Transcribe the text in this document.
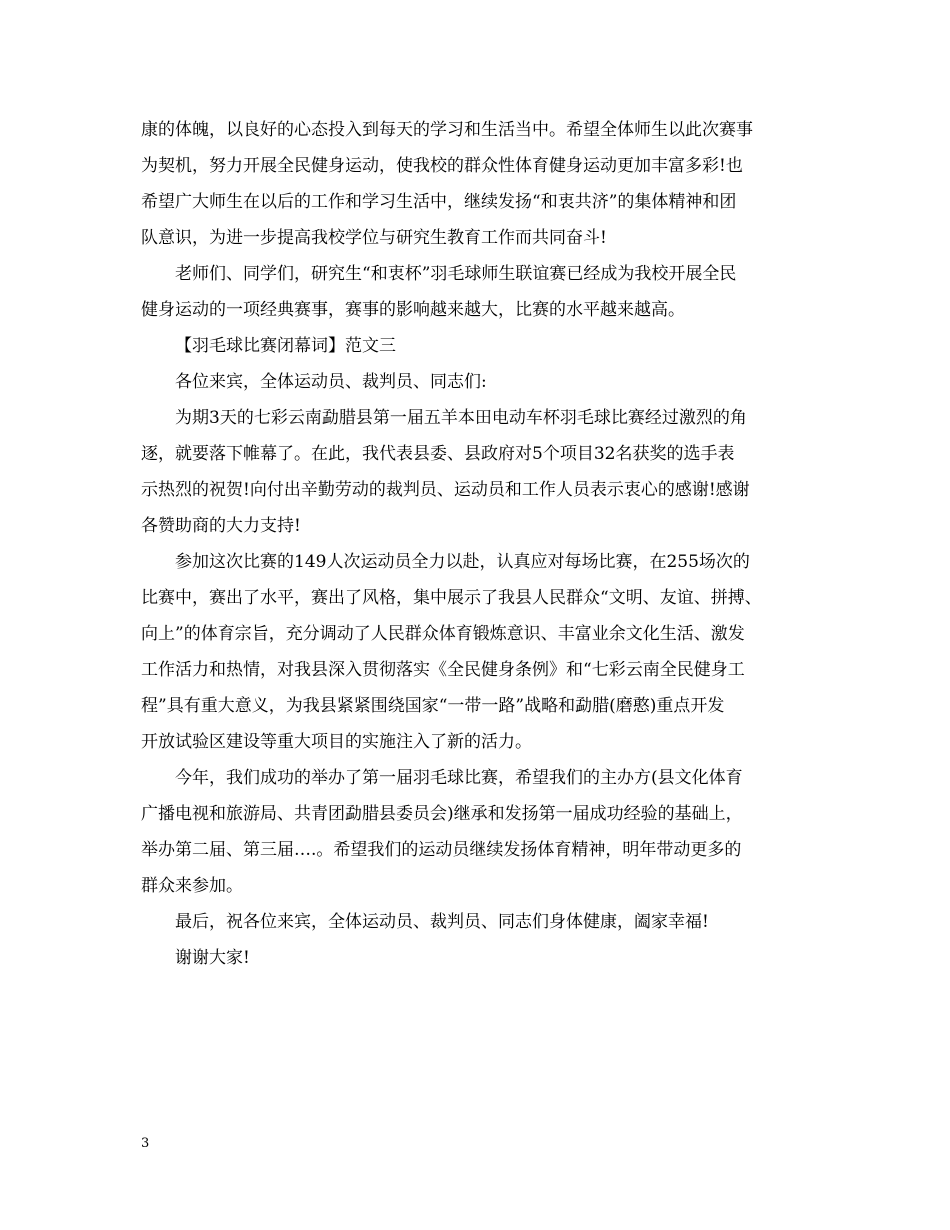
康的体魄，以良好的心态投入到每天的学习和生活当中。希望全体师生以此次赛事
为契机，努力开展全民健身运动，使我校的群众性体育健身运动更加丰富多彩!也
希望广大师生在以后的工作和学习生活中，继续发扬“和衷共济”的集体精神和团
队意识，为进一步提高我校学位与研究生教育工作而共同奋斗!
老师们、同学们，研究生“和衷杯”羽毛球师生联谊赛已经成为我校开展全民
健身运动的一项经典赛事，赛事的影响越来越大，比赛的水平越来越高。
【羽毛球比赛闭幕词】范文三
各位来宾，全体运动员、裁判员、同志们:
为期3天的七彩云南勐腊县第一届五羊本田电动车杯羽毛球比赛经过激烈的角
逐，就要落下帷幕了。在此，我代表县委、县政府对5个项目32名获奖的选手表
示热烈的祝贺!向付出辛勤劳动的裁判员、运动员和工作人员表示衷心的感谢!感谢
各赞助商的大力支持!
参加这次比赛的149人次运动员全力以赴，认真应对每场比赛，在255场次的
比赛中，赛出了水平，赛出了风格，集中展示了我县人民群众“文明、友谊、拼搏、
向上”的体育宗旨，充分调动了人民群众体育锻炼意识、丰富业余文化生活、激发
工作活力和热情，对我县深入贯彻落实《全民健身条例》和“七彩云南全民健身工
程”具有重大意义，为我县紧紧围绕国家“一带一路”战略和勐腊(磨憨)重点开发
开放试验区建设等重大项目的实施注入了新的活力。
今年，我们成功的举办了第一届羽毛球比赛，希望我们的主办方(县文化体育
广播电视和旅游局、共青团勐腊县委员会)继承和发扬第一届成功经验的基础上，
举办第二届、第三届….。希望我们的运动员继续发扬体育精神，明年带动更多的
群众来参加。
最后，祝各位来宾，全体运动员、裁判员、同志们身体健康，阖家幸福!
谢谢大家!
3
